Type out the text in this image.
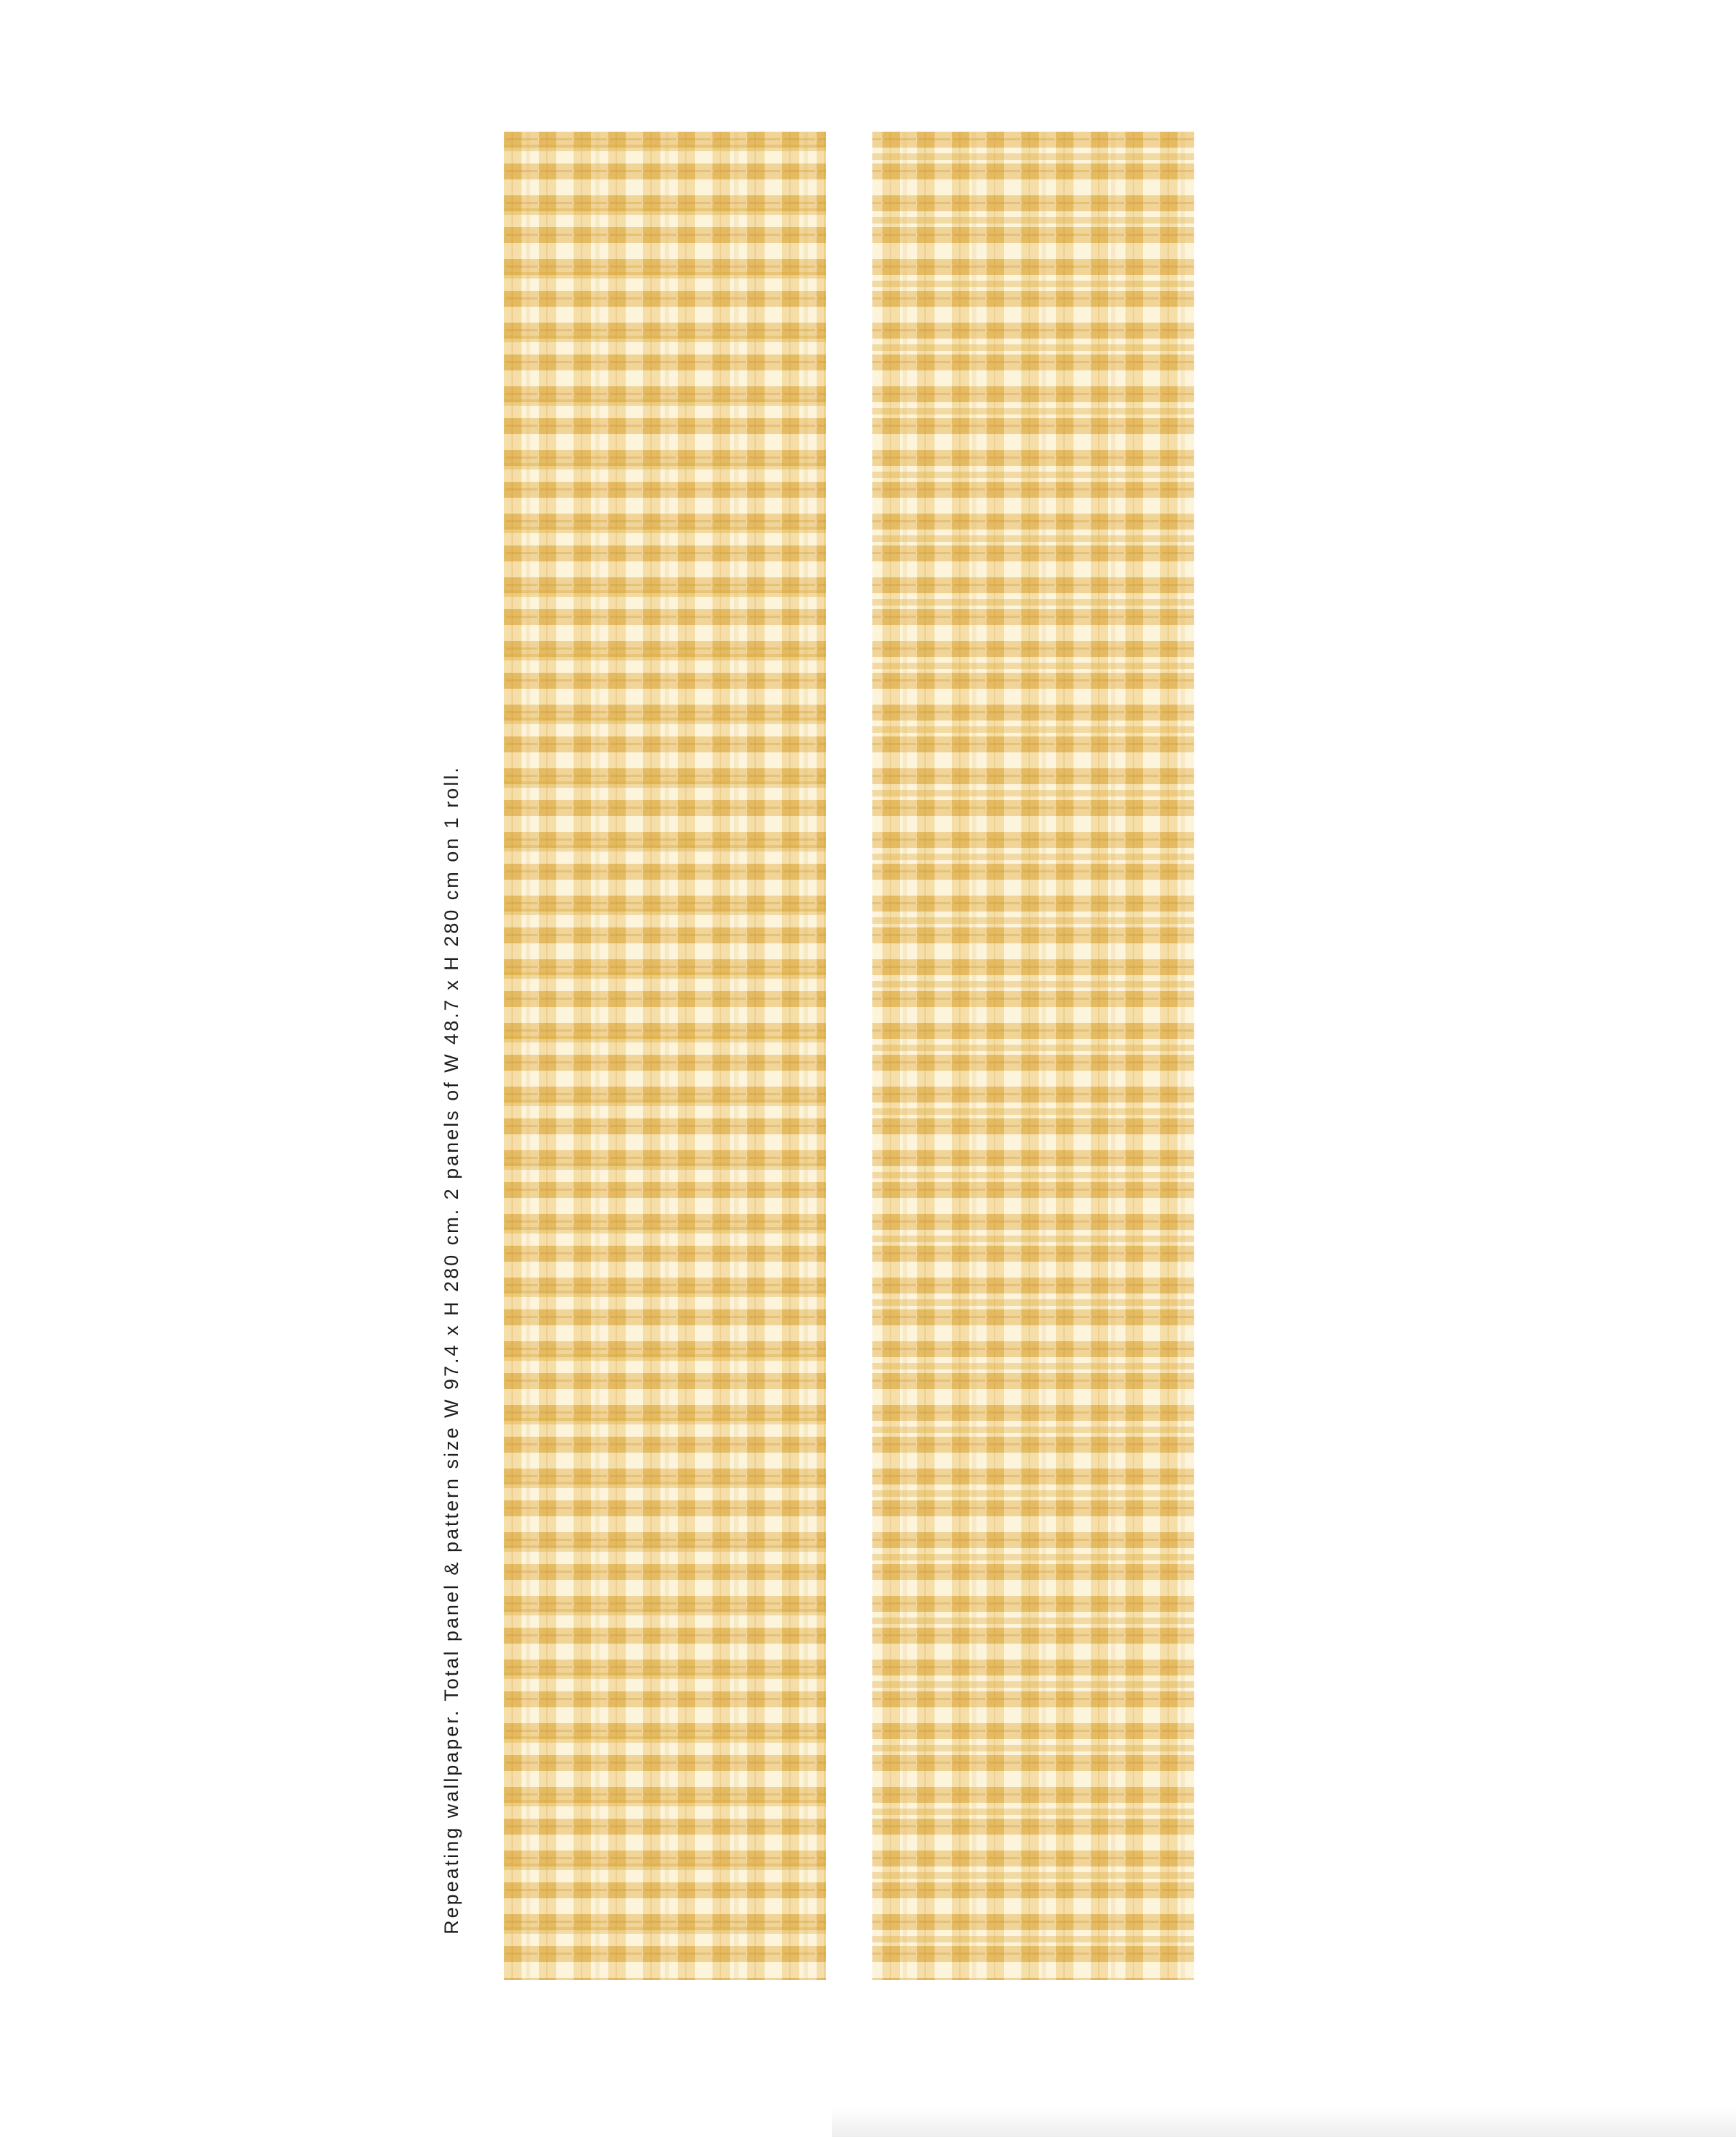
Repeating wallpaper. Total panel & pattern size W 97.4 x H 280 cm. 2 panels of W 48.7 x H 280 cm on 1 roll.
